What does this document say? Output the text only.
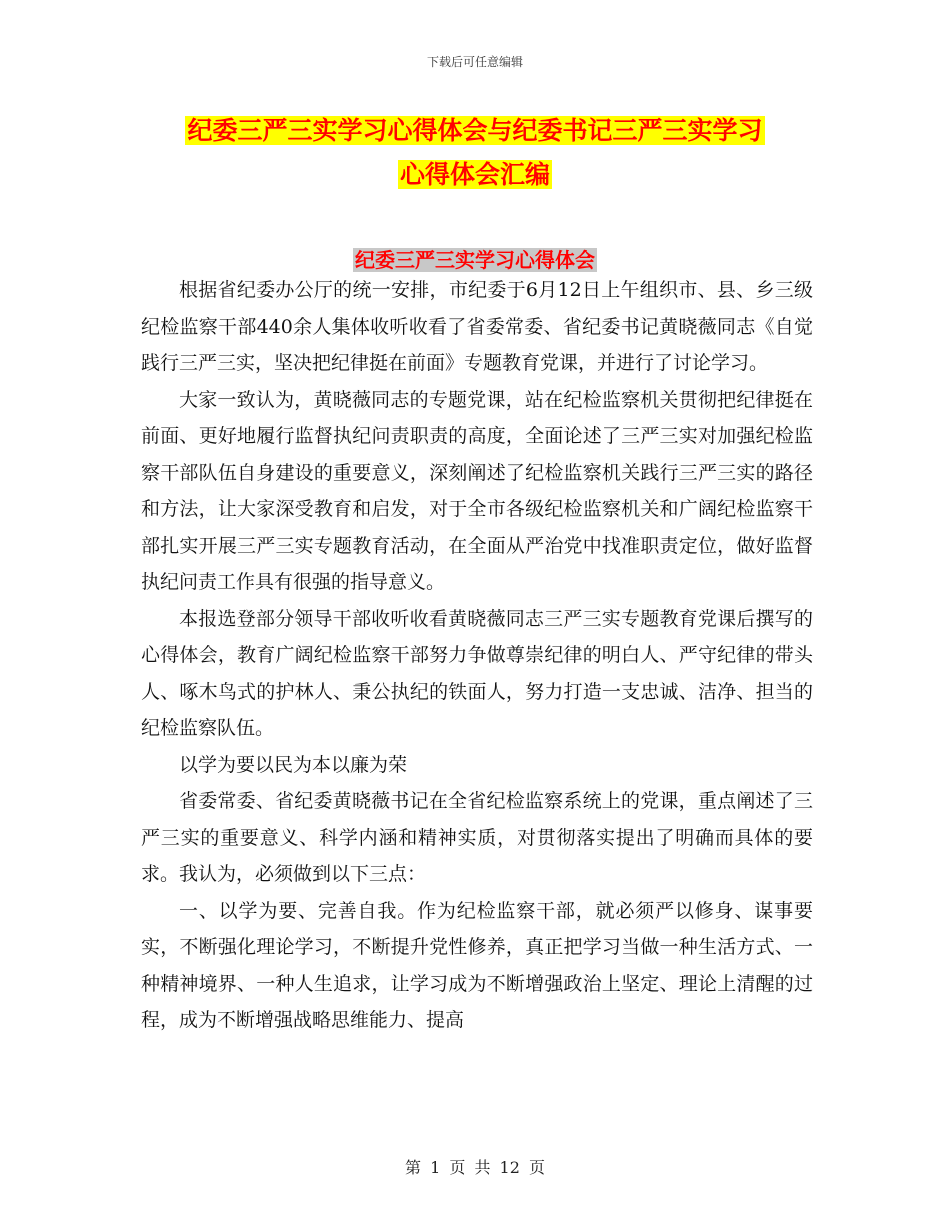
下载后可任意编辑
纪委三严三实学习心得体会与纪委书记三严三实学习
心得体会汇编
纪委三严三实学习心得体会

根据省纪委办公厅的统一安排，市纪委于6月12日上午组织市、县、乡三级纪检监察干部440余人集体收听收看了省委常委、省纪委书记黄晓薇同志《自觉践行三严三实，坚决把纪律挺在前面》专题教育党课，并进行了讨论学习。

大家一致认为，黄晓薇同志的专题党课，站在纪检监察机关贯彻把纪律挺在前面、更好地履行监督执纪问责职责的高度，全面论述了三严三实对加强纪检监察干部队伍自身建设的重要意义，深刻阐述了纪检监察机关践行三严三实的路径和方法，让大家深受教育和启发，对于全市各级纪检监察机关和广阔纪检监察干部扎实开展三严三实专题教育活动，在全面从严治党中找准职责定位，做好监督执纪问责工作具有很强的指导意义。

本报选登部分领导干部收听收看黄晓薇同志三严三实专题教育党课后撰写的心得体会，教育广阔纪检监察干部努力争做尊崇纪律的明白人、严守纪律的带头人、啄木鸟式的护林人、秉公执纪的铁面人，努力打造一支忠诚、洁净、担当的纪检监察队伍。

以学为要以民为本以廉为荣

省委常委、省纪委黄晓薇书记在全省纪检监察系统上的党课，重点阐述了三严三实的重要意义、科学内涵和精神实质，对贯彻落实提出了明确而具体的要求。我认为，必须做到以下三点：

一、以学为要、完善自我。作为纪检监察干部，就必须严以修身、谋事要实，不断强化理论学习，不断提升党性修养，真正把学习当做一种生活方式、一种精神境界、一种人生追求，让学习成为不断增强政治上坚定、理论上清醒的过程，成为不断增强战略思维能力、提高

第 1 页 共 12 页
